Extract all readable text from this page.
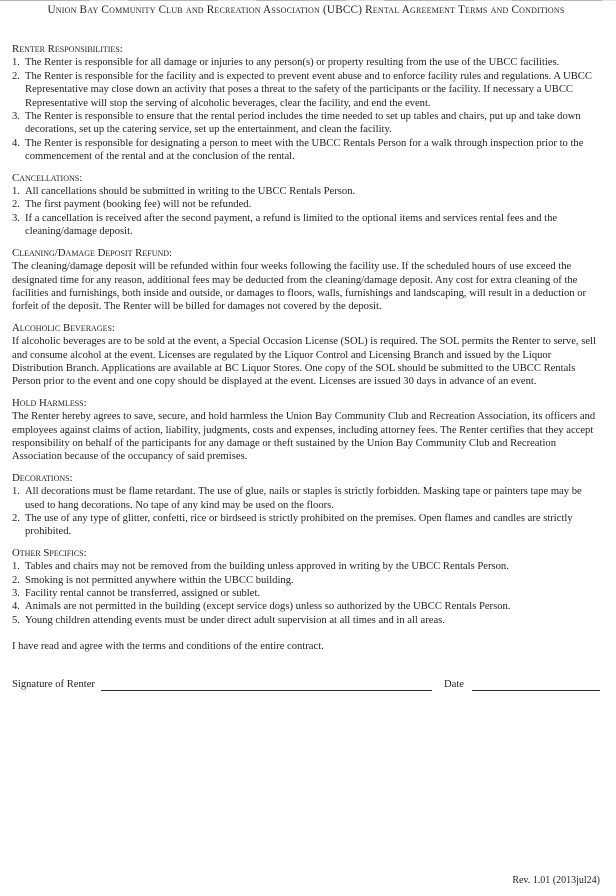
Union Bay Community Club and Recreation Association (UBCC) Rental Agreement Terms and Conditions
Renter Responsibilities:
The Renter is responsible for all damage or injuries to any person(s) or property resulting from the use of the UBCC facilities.
The Renter is responsible for the facility and is expected to prevent event abuse and to enforce facility rules and regulations. A UBCC Representative may close down an activity that poses a threat to the safety of the participants or the facility. If necessary a UBCC Representative will stop the serving of alcoholic beverages, clear the facility, and end the event.
The Renter is responsible to ensure that the rental period includes the time needed to set up tables and chairs, put up and take down decorations, set up the catering service, set up the entertainment, and clean the facility.
The Renter is responsible for designating a person to meet with the UBCC Rentals Person for a walk through inspection prior to the commencement of the rental and at the conclusion of the rental.
Cancellations:
All cancellations should be submitted in writing to the UBCC Rentals Person.
The first payment (booking fee) will not be refunded.
If a cancellation is received after the second payment, a refund is limited to the optional items and services rental fees and the cleaning/damage deposit.
Cleaning/Damage Deposit Refund:

The cleaning/damage deposit will be refunded within four weeks following the facility use. If the scheduled hours of use exceed the designated time for any reason, additional fees may be deducted from the cleaning/damage deposit. Any cost for extra cleaning of the facilities and furnishings, both inside and outside, or damages to floors, walls, furnishings and landscaping, will result in a deduction or forfeit of the deposit. The Renter will be billed for damages not covered by the deposit.

Alcoholic Beverages:

If alcoholic beverages are to be sold at the event, a Special Occasion License (SOL) is required. The SOL permits the Renter to serve, sell and consume alcohol at the event. Licenses are regulated by the Liquor Control and Licensing Branch and issued by the Liquor Distribution Branch. Applications are available at BC Liquor Stores. One copy of the SOL should be submitted to the UBCC Rentals Person prior to the event and one copy should be displayed at the event. Licenses are issued 30 days in advance of an event.

Hold Harmless:

The Renter hereby agrees to save, secure, and hold harmless the Union Bay Community Club and Recreation Association, its officers and employees against claims of action, liability, judgments, costs and expenses, including attorney fees. The Renter certifies that they accept responsibility on behalf of the participants for any damage or theft sustained by the Union Bay Community Club and Recreation Association because of the occupancy of said premises.

Decorations:
All decorations must be flame retardant. The use of glue, nails or staples is strictly forbidden. Masking tape or painters tape may be used to hang decorations. No tape of any kind may be used on the floors.
The use of any type of glitter, confetti, rice or birdseed is strictly prohibited on the premises. Open flames and candles are strictly prohibited.
Other Specifics:
Tables and chairs may not be removed from the building unless approved in writing by the UBCC Rentals Person.
Smoking is not permitted anywhere within the UBCC building.
Facility rental cannot be transferred, assigned or sublet.
Animals are not permitted in the building (except service dogs) unless so authorized by the UBCC Rentals Person.
Young children attending events must be under direct adult supervision at all times and in all areas.

I have read and agree with the terms and conditions of the entire contract.

Signature of Renter	Date
Rev. 1.01 (2013jul24)
